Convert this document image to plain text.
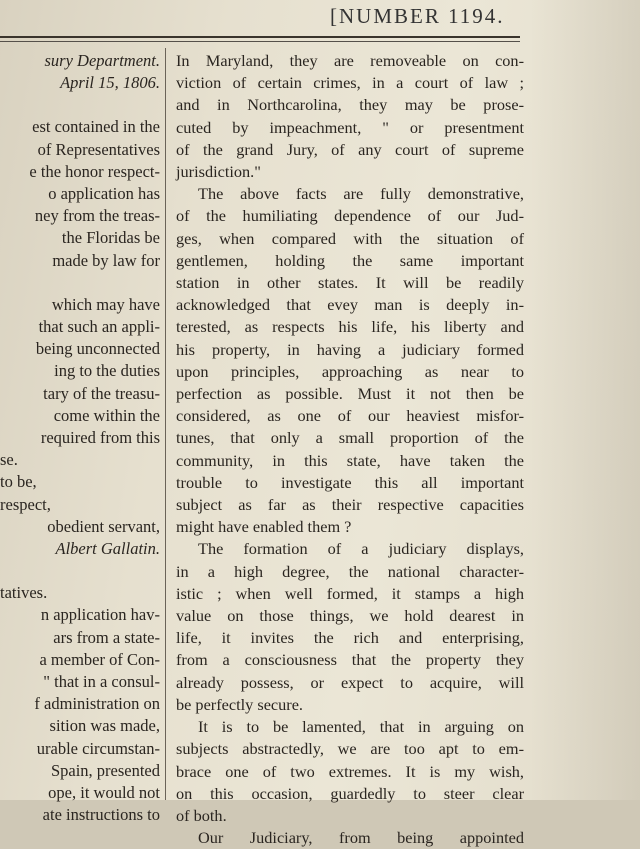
[NUMBER 1194.
sury Department.
April 15, 1806.
est contained in the
of Representatives
e the honor respect-
o application has
ney from the treas-
the Floridas be
made by law for
which may have
that such an appli-
being unconnected
ing to the duties
tary of the treasu-
come within the
required from this
se.
to be,
respect,
obedient servant,
Albert Gallatin.
tatives.
n application hav-
ars from a state-
a member of Con-
" that in a consul-
f administration on
sition was made,
urable circumstan-
Spain, presented
ope, it would not
ate instructions to
In Maryland, they are removeable on con-
viction of certain crimes, in a court of law ;
and in Northcarolina, they may be prose-
cuted by impeachment, " or presentment
of the grand Jury, of any court of supreme
jurisdiction."
The above facts are fully demonstrative,
of the humiliating dependence of our Jud-
ges, when compared with the situation of
gentlemen, holding the same important
station in other states. It will be readily
acknowledged that evey man is deeply in-
terested, as respects his life, his liberty and
his property, in having a judiciary formed
upon principles, approaching as near to
perfection as possible. Must it not then be
considered, as one of our heaviest misfor-
tunes, that only a small proportion of the
community, in this state, have taken the
trouble to investigate this all important
subject as far as their respective capacities
might have enabled them ?
The formation of a judiciary displays,
in a high degree, the national character-
istic ; when well formed, it stamps a high
value on those things, we hold dearest in
life, it invites the rich and enterprising,
from a consciousness that the property they
already possess, or expect to acquire, will
be perfectly secure.
It is to be lamented, that in arguing on
subjects abstractedly, we are too apt to em-
brace one of two extremes. It is my wish,
on this occasion, guardedly to steer clear
of both.
Our Judiciary, from being appointed
